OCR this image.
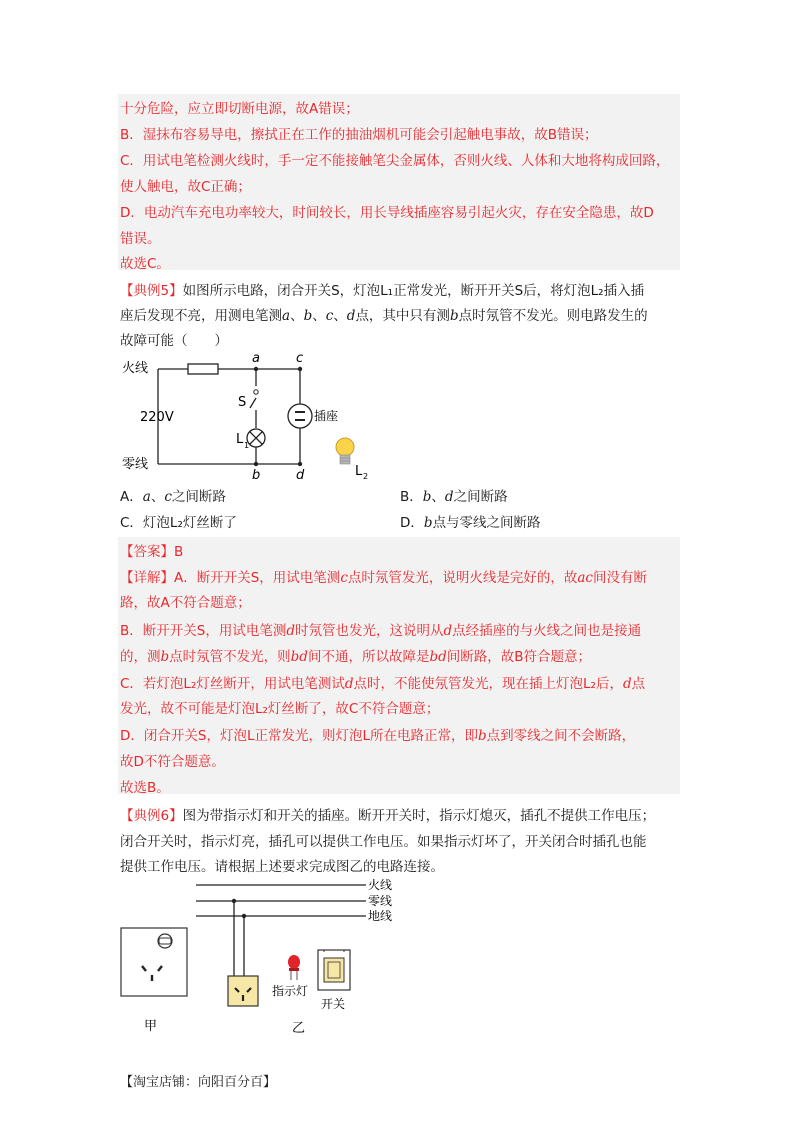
十分危险，应立即切断电源，故A错误；
B．湿抹布容易导电，擦拭正在工作的抽油烟机可能会引起触电事故，故B错误；
C．用试电笔检测火线时，手一定不能接触笔尖金属体，否则火线、人体和大地将构成回路，
使人触电，故C正确；
D．电动汽车充电功率较大，时间较长，用长导线插座容易引起火灾，存在安全隐患，故D
错误。
故选C。
【典例5】如图所示电路，闭合开关S，灯泡L₁正常发光，断开开关S后，将灯泡L₂插入插
座后发现不亮，用测电笔测a、b、c、d点，其中只有测b点时氖管不发光。则电路发生的
故障可能（　　）
火线
零线
220V
a	c
b	d
S
L 1
插座
L 2
A．a、c之间断路	B．b、d之间断路
C．灯泡L₂灯丝断了	D．b点与零线之间断路
【答案】B
【详解】A．断开开关S，用试电笔测c点时氖管发光，说明火线是完好的，故ac间没有断
路，故A不符合题意；
B．断开开关S，用试电笔测d时氖管也发光，这说明从d点经插座的与火线之间也是接通
的，测b点时氖管不发光，则bd间不通，所以故障是bd间断路，故B符合题意；
C．若灯泡L₂灯丝断开，用试电笔测试d点时，不能使氖管发光，现在插上灯泡L₂后，d点
发光，故不可能是灯泡L₂灯丝断了，故C不符合题意；
D．闭合开关S，灯泡L正常发光，则灯泡L所在电路正常，即b点到零线之间不会断路，
故D不符合题意。
故选B。
【典例6】图为带指示灯和开关的插座。断开开关时，指示灯熄灭，插孔不提供工作电压；
闭合开关时，指示灯亮，插孔可以提供工作电压。如果指示灯坏了，开关闭合时插孔也能
提供工作电压。请根据上述要求完成图乙的电路连接。
火线
零线
地线
甲
指示灯
开关
乙
【淘宝店铺：向阳百分百】
